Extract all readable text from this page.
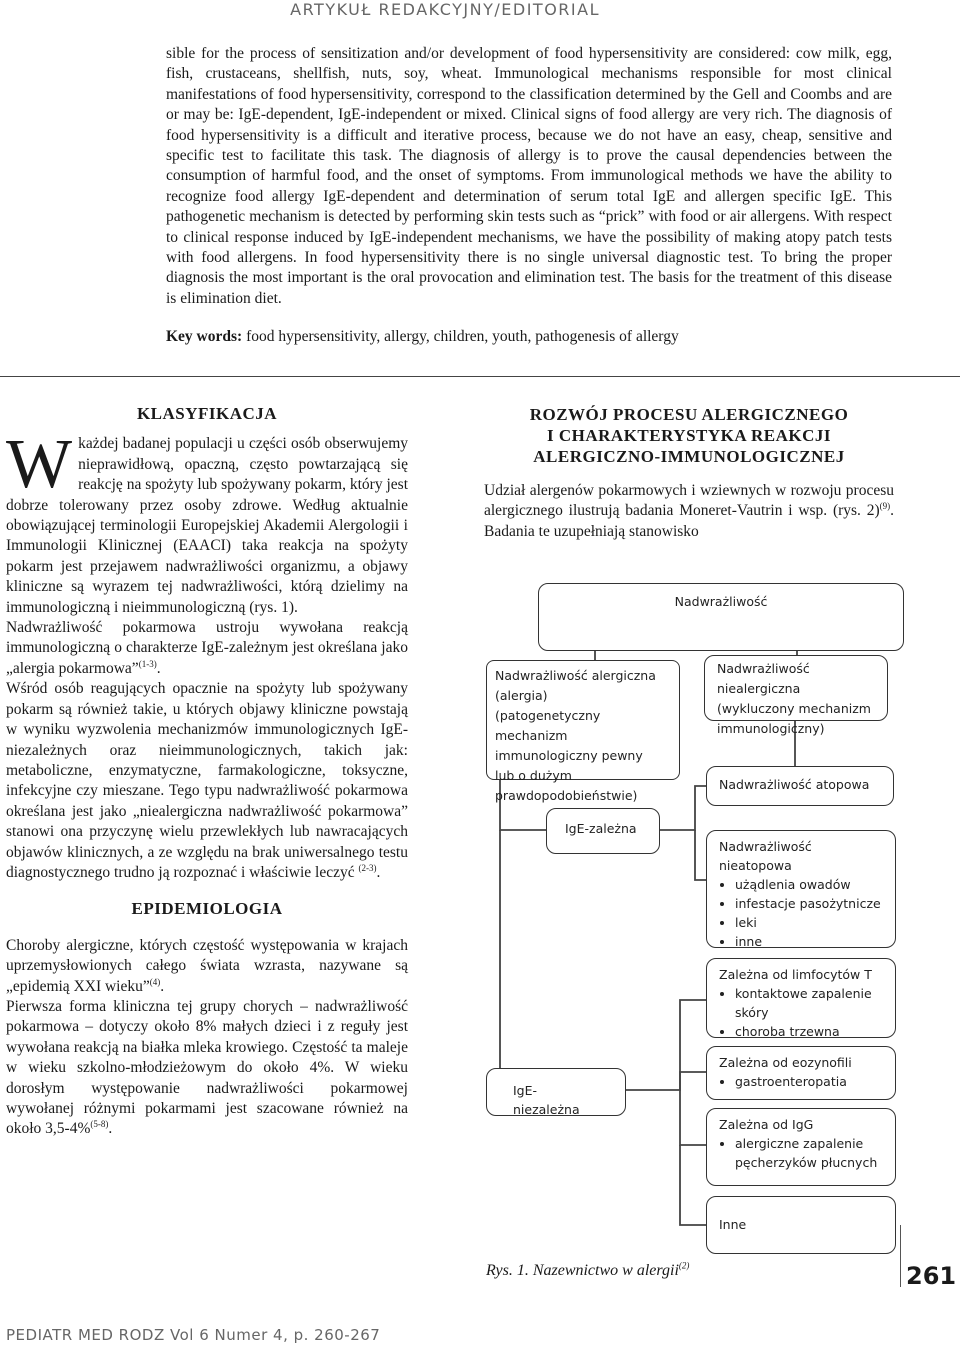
ARTYKUŁ REDAKCYJNY/EDITORIAL
sible for the process of sensitization and/or development of food hypersensitivity are considered: cow milk, egg, fish, crustaceans, shellfish, nuts, soy, wheat. Immunological mechanisms responsible for most clinical manifestations of food hypersensitivity, correspond to the classification determined by the Gell and Coombs and are or may be: IgE-dependent, IgE-independent or mixed. Clinical signs of food allergy are very rich. The diagnosis of food hypersensitivity is a difficult and iterative process, because we do not have an easy, cheap, sensitive and specific test to facilitate this task. The diagnosis of allergy is to prove the causal dependencies between the consumption of harmful food, and the onset of symptoms. From immunological methods we have the ability to recognize food allergy IgE-dependent and determination of serum total IgE and allergen specific IgE. This pathogenetic mechanism is detected by performing skin tests such as “prick” with food or air allergens. With respect to clinical response induced by IgE-independent mechanisms, we have the possibility of making atopy patch tests with food allergens. In food hypersensitivity there is no single universal diagnostic test. To bring the proper diagnosis the most important is the oral provocation and elimination test. The basis for the treatment of this disease is elimination diet.
Key words: food hypersensitivity, allergy, children, youth, pathogenesis of allergy
KLASYFIKACJA

Wkażdej badanej populacji u części osób obserwujemy nieprawidłową, opaczną, często powtarzającą się reakcję na spożyty lub spożywany pokarm, który jest dobrze tolerowany przez osoby zdrowe. Według aktualnie obowiązującej terminologii Europejskiej Akademii Alergologii i Immunologii Klinicznej (EAACI) taka reakcja na spożyty pokarm jest przejawem nadwrażliwości organizmu, a objawy kliniczne są wyrazem tej nadwrażliwości, którą dzielimy na immunologiczną i nieimmunologiczną (rys. 1).

Nadwrażliwość pokarmowa ustroju wywołana reakcją immunologiczną o charakterze IgE-zależnym jest określana jako „alergia pokarmowa”$^{(1-3)}$.

Wśród osób reagujących opacznie na spożyty lub spożywany pokarm są również takie, u których objawy kliniczne powstają w wyniku wyzwolenia mechanizmów immunologicznych IgE-niezależnych oraz nieimmunologicznych, takich jak: metaboliczne, enzymatyczne, farmakologiczne, toksyczne, infekcyjne czy mieszane. Tego typu nadwrażliwość pokarmowa określana jest jako „niealergiczna nadwrażliwość pokarmowa” stanowi ona przyczynę wielu przewlekłych lub nawracających objawów klinicznych, a ze względu na brak uniwersalnego testu diagnostycznego trudno ją rozpoznać i właściwie leczyć $^{(2-3)}$.

EPIDEMIOLOGIA

Choroby alergiczne, których częstość występowania w krajach uprzemysłowionych całego świata wzrasta, nazywane są „epidemią XXI wieku”$^{(4)}$.

Pierwsza forma kliniczna tej grupy chorych – nadwrażliwość pokarmowa – dotyczy około 8% małych dzieci i z reguły jest wywołana reakcją na białka mleka krowiego. Częstość ta maleje w wieku szkolno-młodzieżowym do około 4%. W wieku dorosłym występowanie nadwrażliwości pokarmowej wywołanej różnymi pokarmami jest szacowane również na około 3,5-4%$^{(5-8)}$.

ROZWÓJ PROCESU ALERGICZNEGO
I CHARAKTERYSTYKA REAKCJI
ALERGICZNO-IMMUNOLOGICZNEJ

Udział alergenów pokarmowych i wziewnych w rozwoju procesu alergicznego ilustrują badania Moneret-Vautrin i wsp. (rys. 2)$^{(9)}$. Badania te uzupełniają stanowisko

Nadwrażliwość
Nadwrażliwość alergiczna (alergia)
(patogenetyczny mechanizm
immunologiczny pewny
lub o dużym
prawdopodobieństwie)
Nadwrażliwość niealergiczna
(wykluczony mechanizm
immunologiczny)
Nadwrażliwość atopowa
IgE-zależna
Nadwrażliwość nieatopowa
• użądlenia owadów
• infestacje pasożytnicze
• leki
• inne
Zależna od limfocytów T
• kontaktowe zapalenie skóry
• choroba trzewna
IgE-niezależna
Zależna od eozynofili
• gastroenteropatia
Zależna od IgG
• alergiczne zapalenie
pęcherzyków płucnych
Inne
Rys. 1. Nazewnictwo w alergii$^{(2)}$	261
PEDIATR MED RODZ Vol 6 Numer 4, p. 260-267
